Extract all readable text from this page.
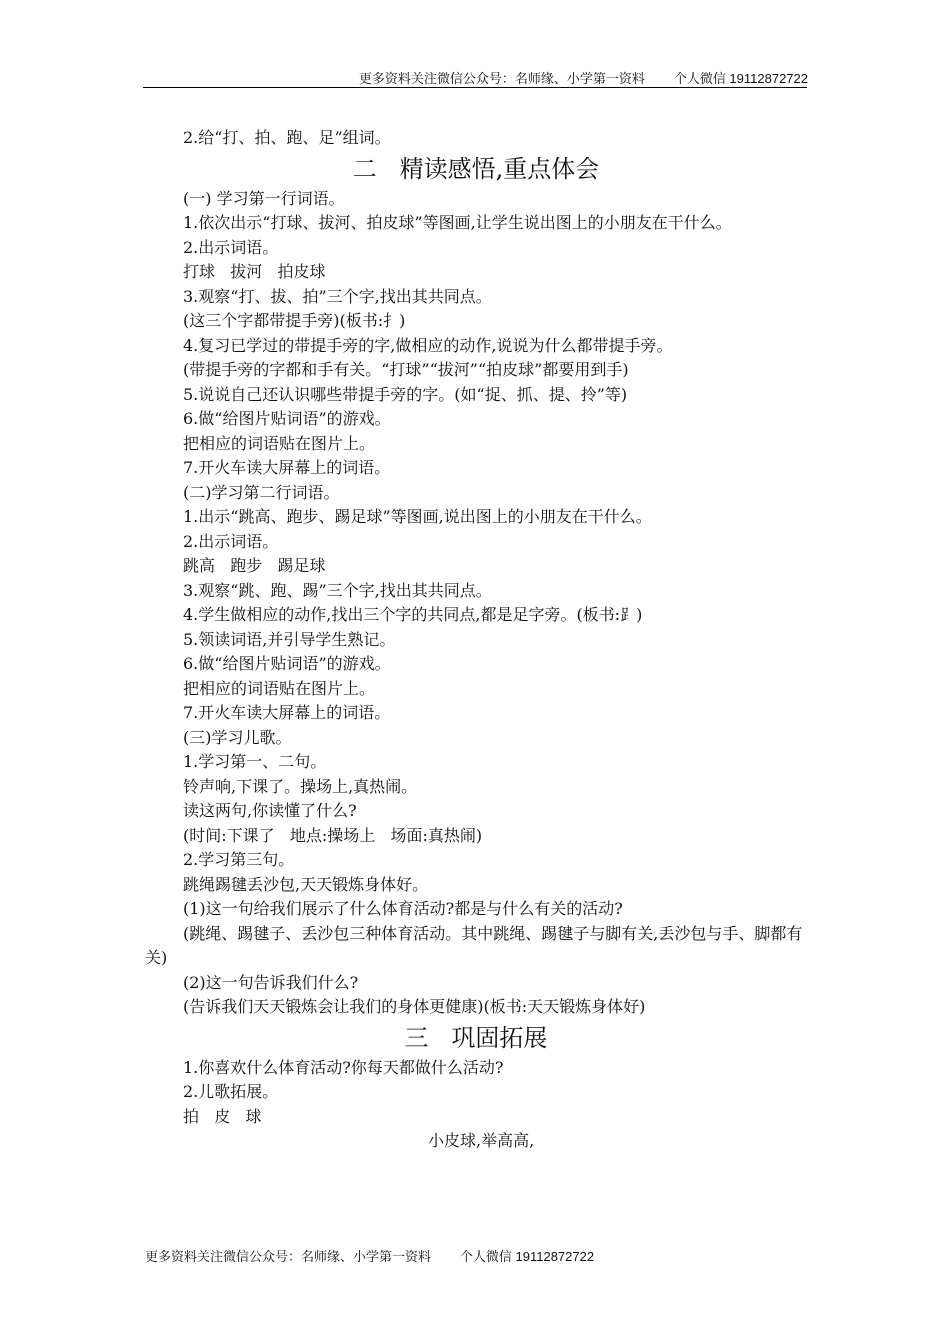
更多资料关注微信公众号：名师缘、小学第一资料        个人微信 19112872722
2.给“打、拍、跑、足”组词。
二   精读感悟,重点体会
(一) 学习第一行词语。
1.依次出示“打球、拔河、拍皮球”等图画,让学生说出图上的小朋友在干什么。
2.出示词语。
打球   拔河   拍皮球
3.观察“打、拔、拍”三个字,找出其共同点。
(这三个字都带提手旁)(板书:扌)
4.复习已学过的带提手旁的字,做相应的动作,说说为什么都带提手旁。
(带提手旁的字都和手有关。“打球”“拔河”“拍皮球”都要用到手)
5.说说自己还认识哪些带提手旁的字。(如“捉、抓、提、拎”等)
6.做“给图片贴词语”的游戏。
把相应的词语贴在图片上。
7.开火车读大屏幕上的词语。
(二)学习第二行词语。
1.出示“跳高、跑步、踢足球”等图画,说出图上的小朋友在干什么。
2.出示词语。
跳高   跑步   踢足球
3.观察“跳、跑、踢”三个字,找出其共同点。
4.学生做相应的动作,找出三个字的共同点,都是足字旁。(板书:⻊)
5.领读词语,并引导学生熟记。
6.做“给图片贴词语”的游戏。
把相应的词语贴在图片上。
7.开火车读大屏幕上的词语。
(三)学习儿歌。
1.学习第一、二句。
铃声响,下课了。操场上,真热闹。
读这两句,你读懂了什么?
(时间:下课了   地点:操场上   场面:真热闹)
2.学习第三句。
跳绳踢毽丢沙包,天天锻炼身体好。
(1)这一句给我们展示了什么体育活动?都是与什么有关的活动?
(跳绳、踢毽子、丢沙包三种体育活动。其中跳绳、踢毽子与脚有关,丢沙包与手、脚都有关)
(2)这一句告诉我们什么?
(告诉我们天天锻炼会让我们的身体更健康)(板书:天天锻炼身体好)
三   巩固拓展
1.你喜欢什么体育活动?你每天都做什么活动?
2.儿歌拓展。
拍   皮   球
小皮球,举高高,
更多资料关注微信公众号：名师缘、小学第一资料        个人微信 19112872722
